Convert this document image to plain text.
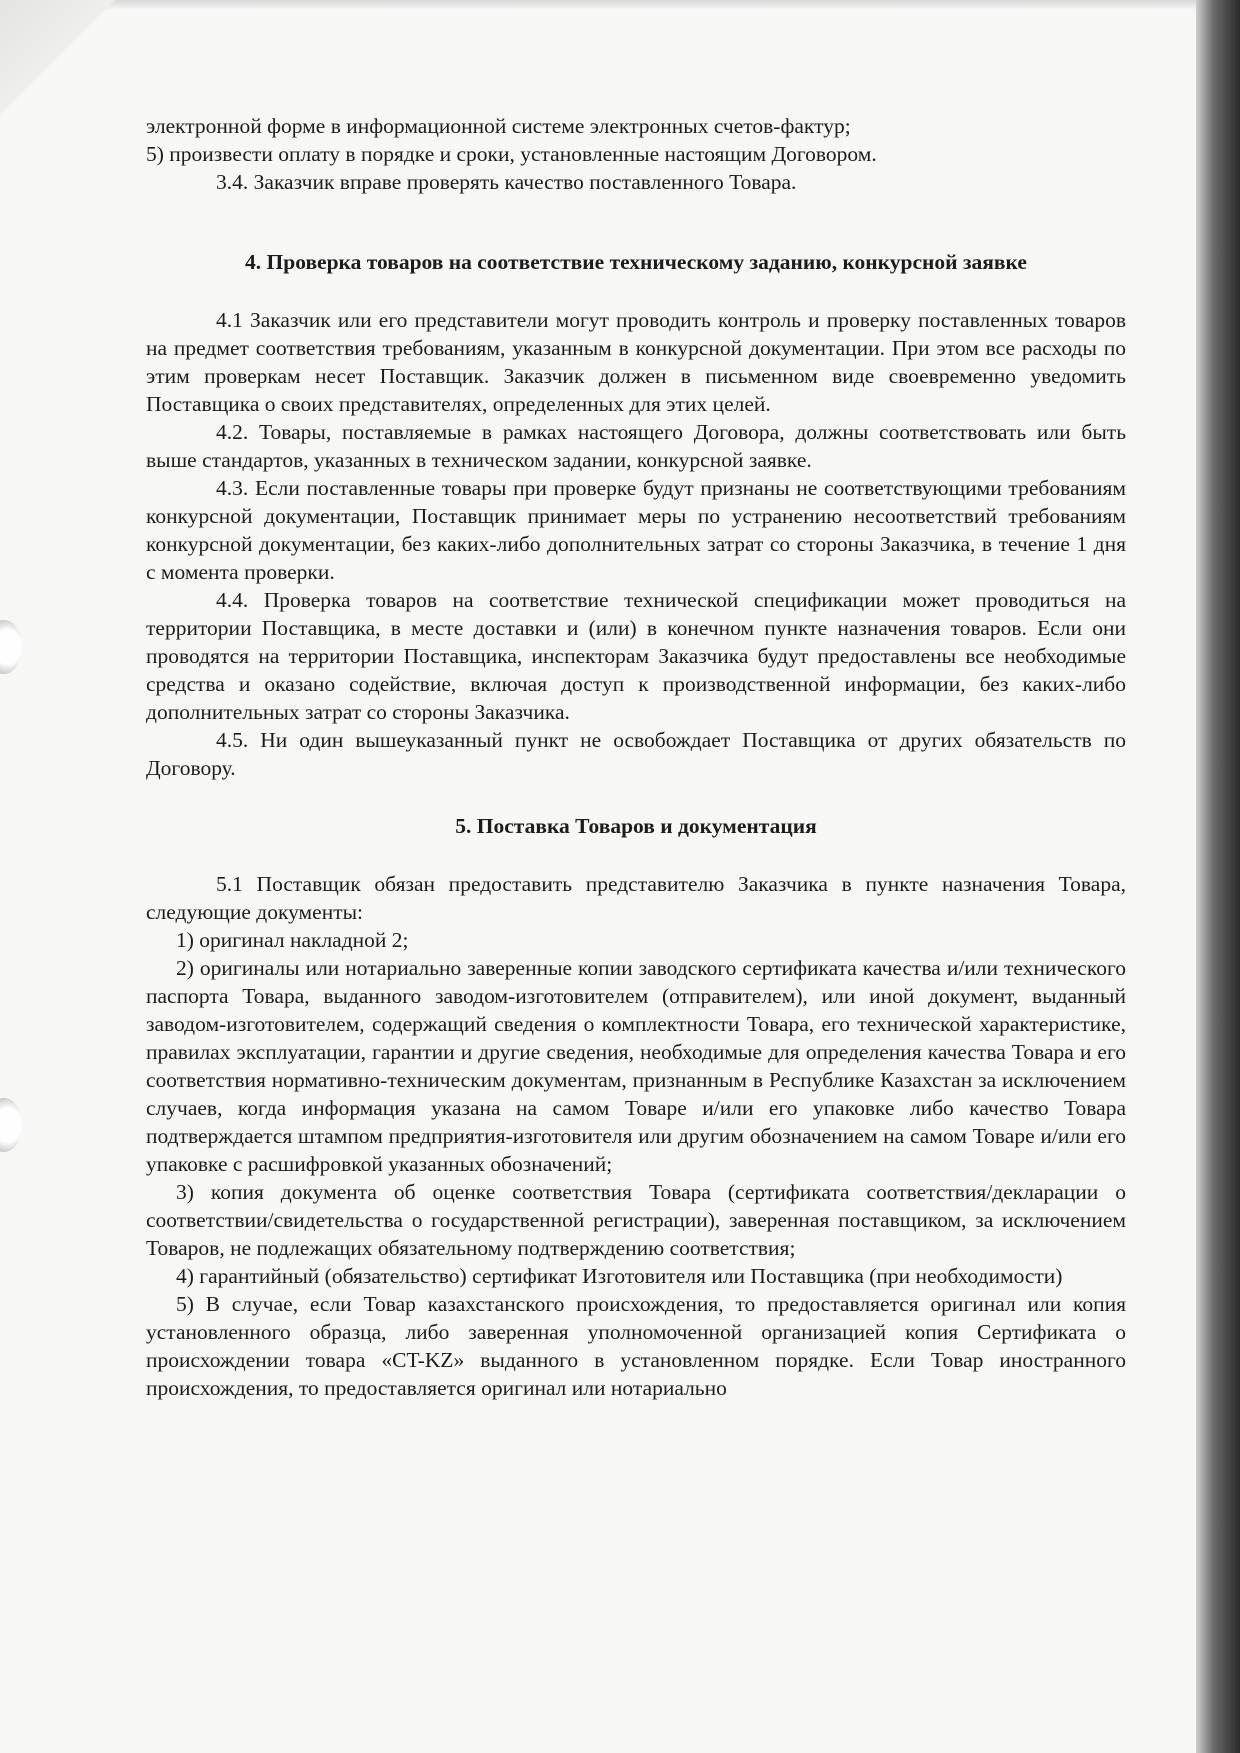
электронной форме в информационной системе электронных счетов-фактур;

5) произвести оплату в порядке и сроки, установленные настоящим Договором.

3.4. Заказчик вправе проверять качество поставленного Товара.

4. Проверка товаров на соответствие техническому заданию, конкурсной заявке

4.1 Заказчик или его представители могут проводить контроль и проверку поставленных товаров на предмет соответствия требованиям, указанным в конкурсной документации. При этом все расходы по этим проверкам несет Поставщик. Заказчик должен в письменном виде своевременно уведомить Поставщика о своих представителях, определенных для этих целей.

4.2. Товары, поставляемые в рамках настоящего Договора, должны соответствовать или быть выше стандартов, указанных в техническом задании, конкурсной заявке.

4.3. Если поставленные товары при проверке будут признаны не соответствующими требованиям конкурсной документации, Поставщик принимает меры по устранению несоответствий требованиям конкурсной документации, без каких-либо дополнительных затрат со стороны Заказчика, в течение 1 дня с момента проверки.

4.4. Проверка товаров на соответствие технической спецификации может проводиться на территории Поставщика, в месте доставки и (или) в конечном пункте назначения товаров. Если они проводятся на территории Поставщика, инспекторам Заказчика будут предоставлены все необходимые средства и оказано содействие, включая доступ к производственной информации, без каких-либо дополнительных затрат со стороны Заказчика.

4.5. Ни один вышеуказанный пункт не освобождает Поставщика от других обязательств по Договору.

5. Поставка Товаров и документация

5.1 Поставщик обязан предоставить представителю Заказчика в пункте назначения Товара, следующие документы:

1) оригинал накладной 2;

2) оригиналы или нотариально заверенные копии заводского сертификата качества и/или технического паспорта Товара, выданного заводом-изготовителем (отправителем), или иной документ, выданный заводом-изготовителем, содержащий сведения о комплектности Товара, его технической характеристике, правилах эксплуатации, гарантии и другие сведения, необходимые для определения качества Товара и его соответствия нормативно-техническим документам, признанным в Республике Казахстан за исключением случаев, когда информация указана на самом Товаре и/или его упаковке либо качество Товара подтверждается штампом предприятия-изготовителя или другим обозначением на самом Товаре и/или его упаковке с расшифровкой указанных обозначений;

3) копия документа об оценке соответствия Товара (сертификата соответствия/декларации о соответствии/свидетельства о государственной регистрации), заверенная поставщиком, за исключением Товаров, не подлежащих обязательному подтверждению соответствия;

4) гарантийный (обязательство) сертификат Изготовителя или Поставщика (при необходимости)

5) В случае, если Товар казахстанского происхождения, то предоставляется оригинал или копия установленного образца, либо заверенная уполномоченной организацией копия Сертификата о происхождении товара «CT-KZ» выданного в установленном порядке. Если Товар иностранного происхождения, то предоставляется оригинал или нотариально
